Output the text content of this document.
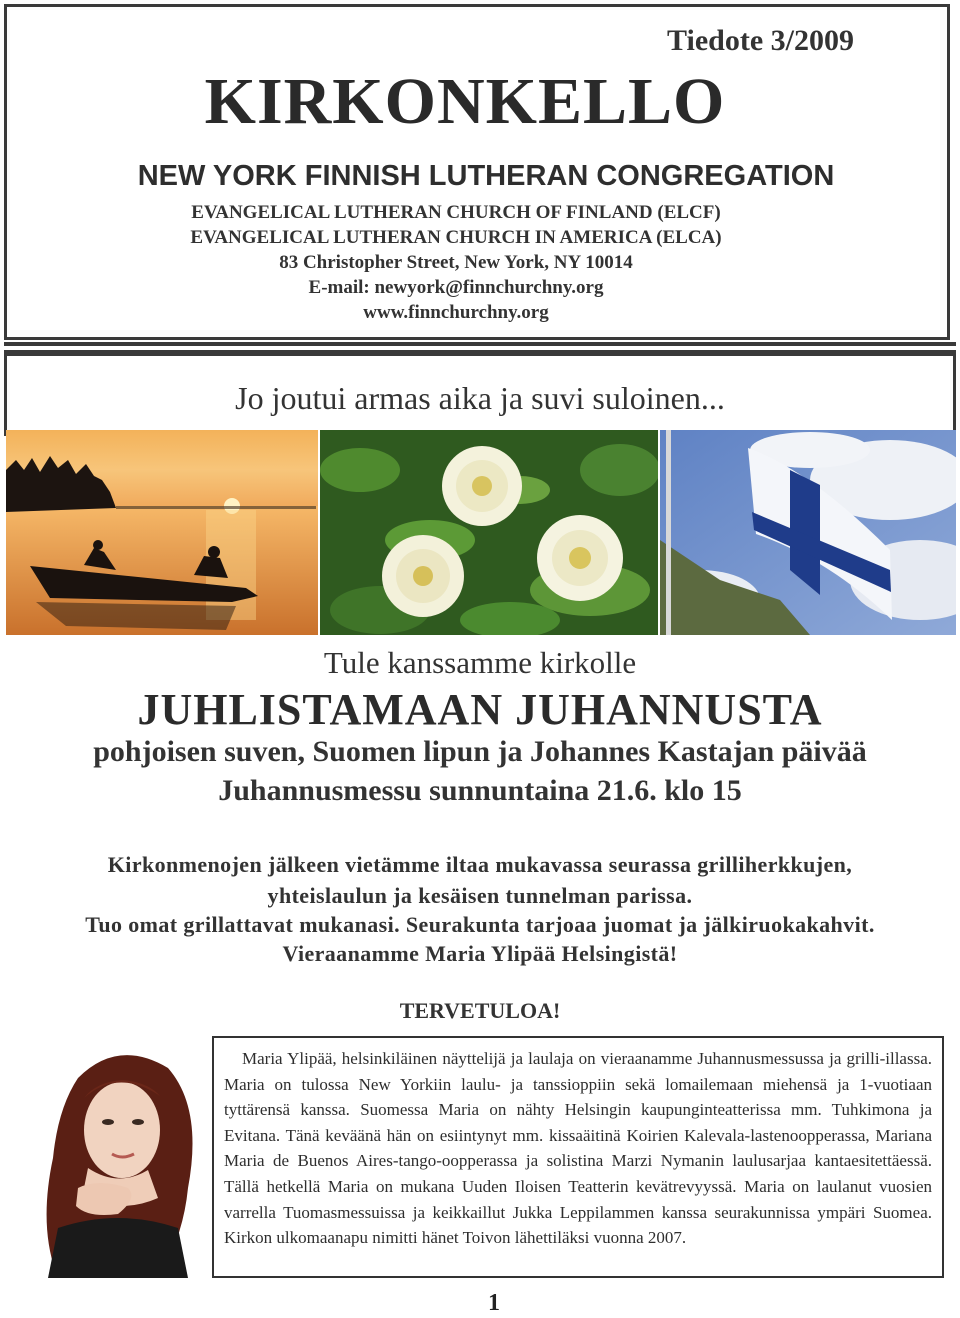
Tiedote 3/2009
KIRKONKELLO
NEW YORK FINNISH LUTHERAN CONGREGATION
EVANGELICAL LUTHERAN CHURCH OF FINLAND (ELCF)
EVANGELICAL LUTHERAN CHURCH IN AMERICA (ELCA)
83 Christopher Street, New York, NY 10014
E-mail: newyork@finnchurchny.org
www.finnchurchny.org
Jo joutui armas aika ja suvi suloinen...
Tule kanssamme kirkolle
JUHLISTAMAAN JUHANNUSTA
pohjoisen suven, Suomen lipun ja Johannes Kastajan päivää
Juhannusmessu sunnuntaina 21.6. klo 15
Kirkonmenojen jälkeen vietämme iltaa mukavassa seurassa grilliherkkujen,
yhteislaulun ja kesäisen tunnelman parissa.
Tuo omat grillattavat mukanasi. Seurakunta tarjoaa juomat ja jälkiruokakahvit.
Vieraanamme Maria Ylipää Helsingistä!
TERVETULOA!
Maria Ylipää, helsinkiläinen näyttelijä ja laulaja on vieraanamme Juhannusmessussa ja grilli-illassa. Maria on tulossa New Yorkiin laulu- ja tanssioppiin sekä lomailemaan miehensä ja 1-vuotiaan tyttärensä kanssa. Suomessa Maria on nähty Helsingin kaupunginteatterissa mm. Tuhkimona ja Evitana. Tänä keväänä hän on esiintynyt mm. kissaäitinä Koirien Kalevala-lastenoopperassa, Mariana Maria de Buenos Aires-tango-oopperassa ja solistina Marzi Nymanin laulusarjaa kantaesitettäessä. Tällä hetkellä Maria on mukana Uuden Iloisen Teatterin kevätrevyyssä. Maria on laulanut vuosien varrella Tuomasmessuissa ja keikkaillut Jukka Leppilammen kanssa seurakunnissa ympäri Suomea. Kirkon ulkomaanapu nimitti hänet Toivon lähettiläksi vuonna 2007.
1
